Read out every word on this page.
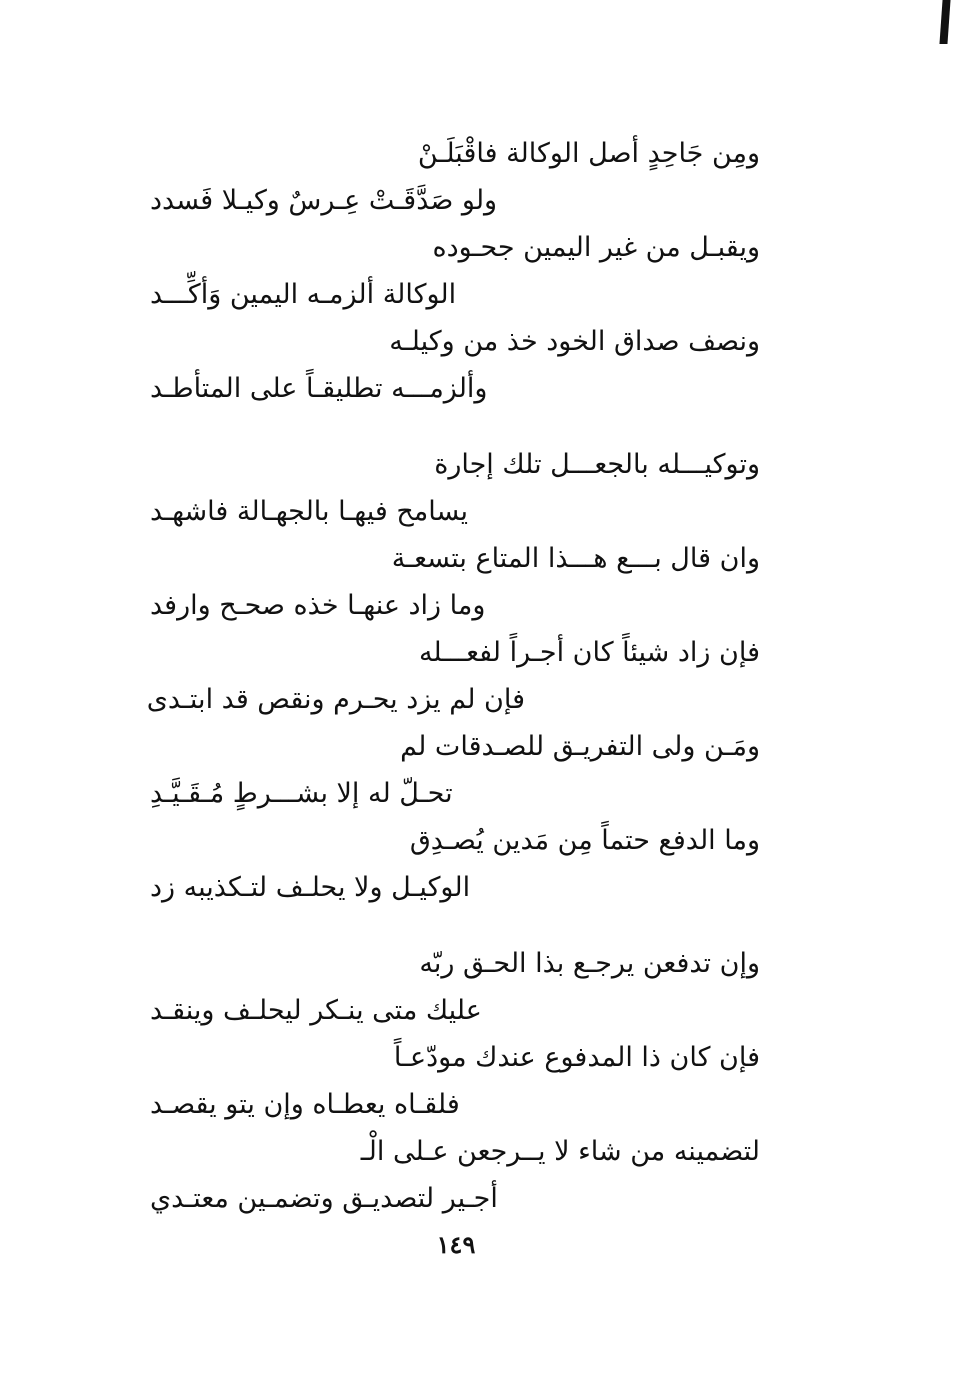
ومِن جَاحِدٍ أصل الوكالة فاقْبَلَـنْ
ولو صَدَّقَـتْ عِـرسٌ وكيـلا فَسدد
ويقبـل من غير اليمين جحـوده
الوكالة ألزمـه اليمين وَأكِّـــد
ونصف صداق الخود خذ من وكيلـه
وألزمـــه تطليقـاً على المتأطـد
وتوكيـــله بالجعـــل تلك إجارة
يسامح فيهـا بالجهـالة فاشهـد
وان قال بـــع هـــذا المتاع بتسعـة
وما زاد عنهـا خذه صحـح وارفد
فإن زاد شيئاً كان أجـراً لفعـــله
فإن لم يزد يحـرم ونقص قد ابتـدى
ومَـن ولى التفريـق للصـدقات لم
تحـلّ له إلا بشـــرطٍ مُـقَـيَّـدِ
وما الدفع حتماً مِن مَدين يُصـدِق
الوكيـل ولا يحلـف لتـكذيبه زد
وإن تدفعن يرجـع بذا الحـق ربّه
عليك متى ينـكر ليحلـف وينقـد
فإن كان ذا المدفوع عندك مودّعـاً
فلقـاه يعطـاه وإن يتو يقصـد
لتضمينه من شاء لا يــرجعن عـلى الْـ
أجـير لتصديـق وتضمـين معتـدي
١٤٩
